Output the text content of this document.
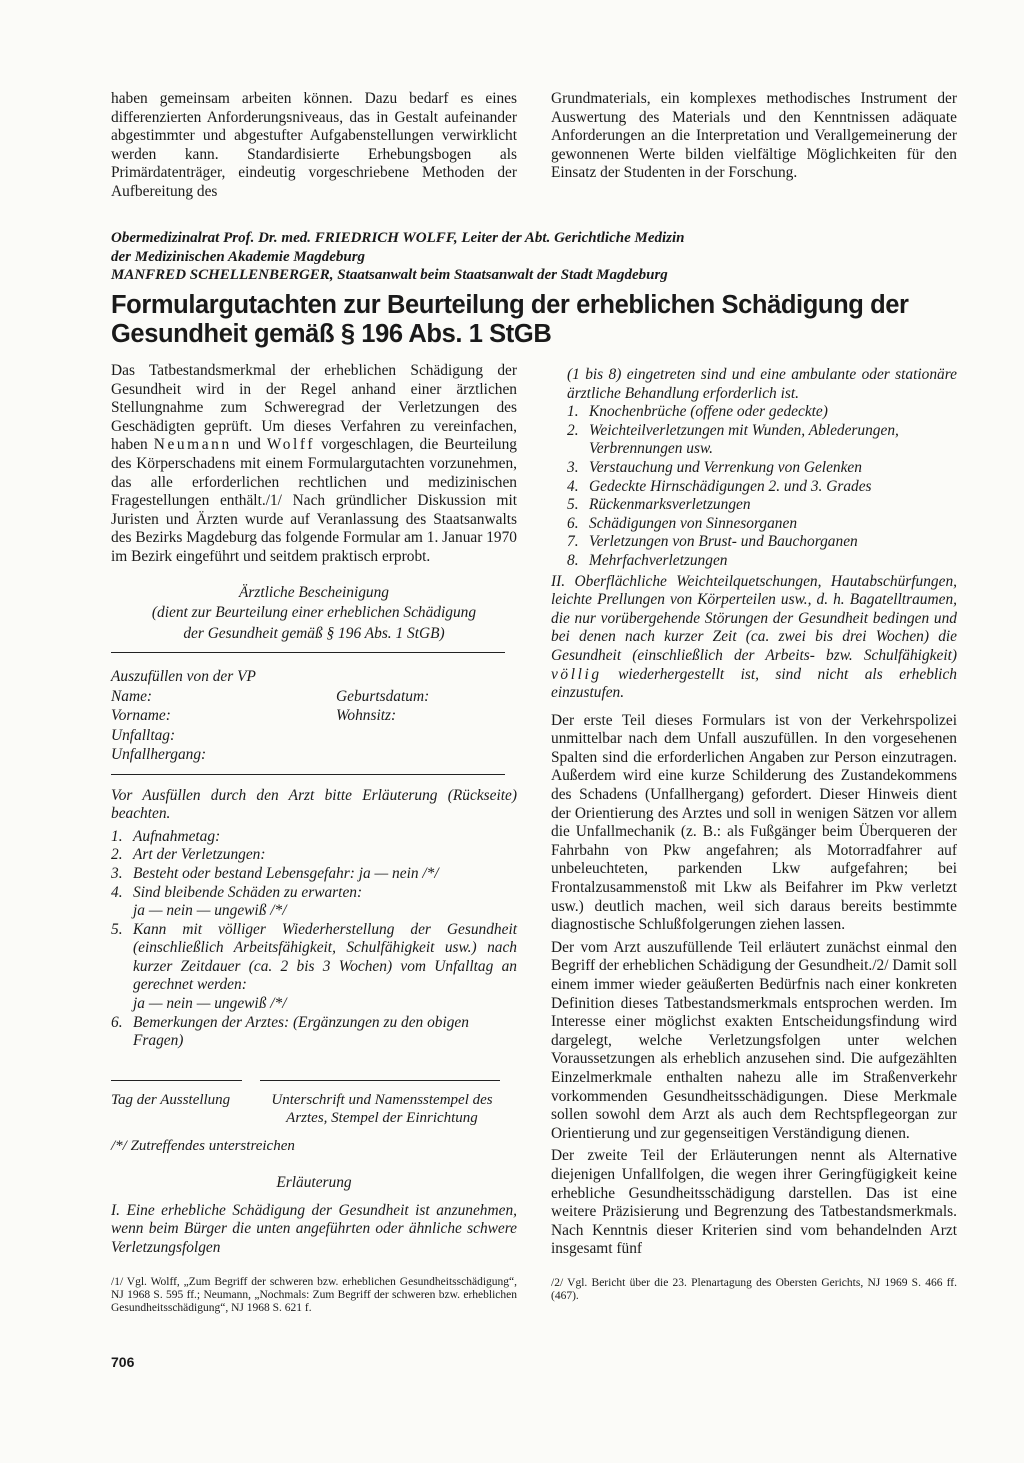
haben gemeinsam arbeiten können. Dazu bedarf es eines differenzierten Anforderungsniveaus, das in Gestalt aufeinander abgestimmter und abgestufter Aufgabenstellungen verwirklicht werden kann. Standardisierte Erhebungsbogen als Primärdatenträger, eindeutig vorgeschriebene Methoden der Aufbereitung des

Grundmaterials, ein komplexes methodisches Instrument der Auswertung des Materials und den Kenntnissen adäquate Anforderungen an die Interpretation und Verallgemeinerung der gewonnenen Werte bilden vielfältige Möglichkeiten für den Einsatz der Studenten in der Forschung.

Obermedizinalrat Prof. Dr. med. FRIEDRICH WOLFF, Leiter der Abt. Gerichtliche Medizin
der Medizinischen Akademie Magdeburg
MANFRED SCHELLENBERGER, Staatsanwalt beim Staatsanwalt der Stadt Magdeburg
Formulargutachten zur Beurteilung der erheblichen Schädigung der Gesundheit gemäß § 196 Abs. 1 StGB

Das Tatbestandsmerkmal der erheblichen Schädigung der Gesundheit wird in der Regel anhand einer ärztlichen Stellungnahme zum Schweregrad der Verletzungen des Geschädigten geprüft. Um dieses Verfahren zu vereinfachen, haben Neumann und Wolff vorgeschlagen, die Beurteilung des Körperschadens mit einem Formulargutachten vorzunehmen, das alle erforderlichen rechtlichen und medizinischen Fragestellungen enthält./1/ Nach gründlicher Diskussion mit Juristen und Ärzten wurde auf Veranlassung des Staatsanwalts des Bezirks Magdeburg das folgende Formular am 1. Januar 1970 im Bezirk eingeführt und seitdem praktisch erprobt.

Ärztliche Bescheinigung
(dient zur Beurteilung einer erheblichen Schädigung
der Gesundheit gemäß § 196 Abs. 1 StGB)
Auszufüllen von der VP
Name:	Geburtsdatum:
Vorname:	Wohnsitz:
Unfalltag:
Unfallhergang:

Vor Ausfüllen durch den Arzt bitte Erläuterung (Rückseite) beachten.

1. Aufnahmetag:
2. Art der Verletzungen:
3. Besteht oder bestand Lebensgefahr: ja — nein /*/
4. Sind bleibende Schäden zu erwarten:
ja — nein — ungewiß /*/
5. Kann mit völliger Wiederherstellung der Gesundheit (einschließlich Arbeitsfähigkeit, Schulfähigkeit usw.) nach kurzer Zeitdauer (ca. 2 bis 3 Wochen) vom Unfalltag an gerechnet werden:
ja — nein — ungewiß /*/
6. Bemerkungen der Arztes: (Ergänzungen zu den obigen Fragen)
Tag der Ausstellung	Unterschrift und Namensstempel des Arztes, Stempel der Einrichtung
/*/ Zutreffendes unterstreichen
Erläuterung

I. Eine erhebliche Schädigung der Gesundheit ist anzunehmen, wenn beim Bürger die unten angeführten oder ähnliche schwere Verletzungsfolgen

/1/ Vgl. Wolff, „Zum Begriff der schweren bzw. erheblichen Gesundheitsschädigung“, NJ 1968 S. 595 ff.; Neumann, „Nochmals: Zum Begriff der schweren bzw. erheblichen Gesundheitsschädigung“, NJ 1968 S. 621 f.

(1 bis 8) eingetreten sind und eine ambulante oder stationäre ärztliche Behandlung erforderlich ist.

1. Knochenbrüche (offene oder gedeckte)
2. Weichteilverletzungen mit Wunden, Ablederungen, Verbrennungen usw.
3. Verstauchung und Verrenkung von Gelenken
4. Gedeckte Hirnschädigungen 2. und 3. Grades
5. Rückenmarksverletzungen
6. Schädigungen von Sinnesorganen
7. Verletzungen von Brust- und Bauchorganen
8. Mehrfachverletzungen

II. Oberflächliche Weichteilquetschungen, Hautabschürfungen, leichte Prellungen von Körperteilen usw., d. h. Bagatelltraumen, die nur vorübergehende Störungen der Gesundheit bedingen und bei denen nach kurzer Zeit (ca. zwei bis drei Wochen) die Gesundheit (einschließlich der Arbeits- bzw. Schulfähigkeit) völlig wiederhergestellt ist, sind nicht als erheblich einzustufen.

Der erste Teil dieses Formulars ist von der Verkehrspolizei unmittelbar nach dem Unfall auszufüllen. In den vorgesehenen Spalten sind die erforderlichen Angaben zur Person einzutragen. Außerdem wird eine kurze Schilderung des Zustandekommens des Schadens (Unfallhergang) gefordert. Dieser Hinweis dient der Orientierung des Arztes und soll in wenigen Sätzen vor allem die Unfallmechanik (z. B.: als Fußgänger beim Überqueren der Fahrbahn von Pkw angefahren; als Motorradfahrer auf unbeleuchteten, parkenden Lkw aufgefahren; bei Frontalzusammenstoß mit Lkw als Beifahrer im Pkw verletzt usw.) deutlich machen, weil sich daraus bereits bestimmte diagnostische Schlußfolgerungen ziehen lassen.

Der vom Arzt auszufüllende Teil erläutert zunächst einmal den Begriff der erheblichen Schädigung der Gesundheit./2/ Damit soll einem immer wieder geäußerten Bedürfnis nach einer konkreten Definition dieses Tatbestandsmerkmals entsprochen werden. Im Interesse einer möglichst exakten Entscheidungsfindung wird dargelegt, welche Verletzungsfolgen unter welchen Voraussetzungen als erheblich anzusehen sind. Die aufgezählten Einzelmerkmale enthalten nahezu alle im Straßenverkehr vorkommenden Gesundheitsschädigungen. Diese Merkmale sollen sowohl dem Arzt als auch dem Rechtspflegeorgan zur Orientierung und zur gegenseitigen Verständigung dienen.

Der zweite Teil der Erläuterungen nennt als Alternative diejenigen Unfallfolgen, die wegen ihrer Geringfügigkeit keine erhebliche Gesundheitsschädigung darstellen. Das ist eine weitere Präzisierung und Begrenzung des Tatbestandsmerkmals. Nach Kenntnis dieser Kriterien sind vom behandelnden Arzt insgesamt fünf

/2/ Vgl. Bericht über die 23. Plenartagung des Obersten Gerichts, NJ 1969 S. 466 ff. (467).

706
